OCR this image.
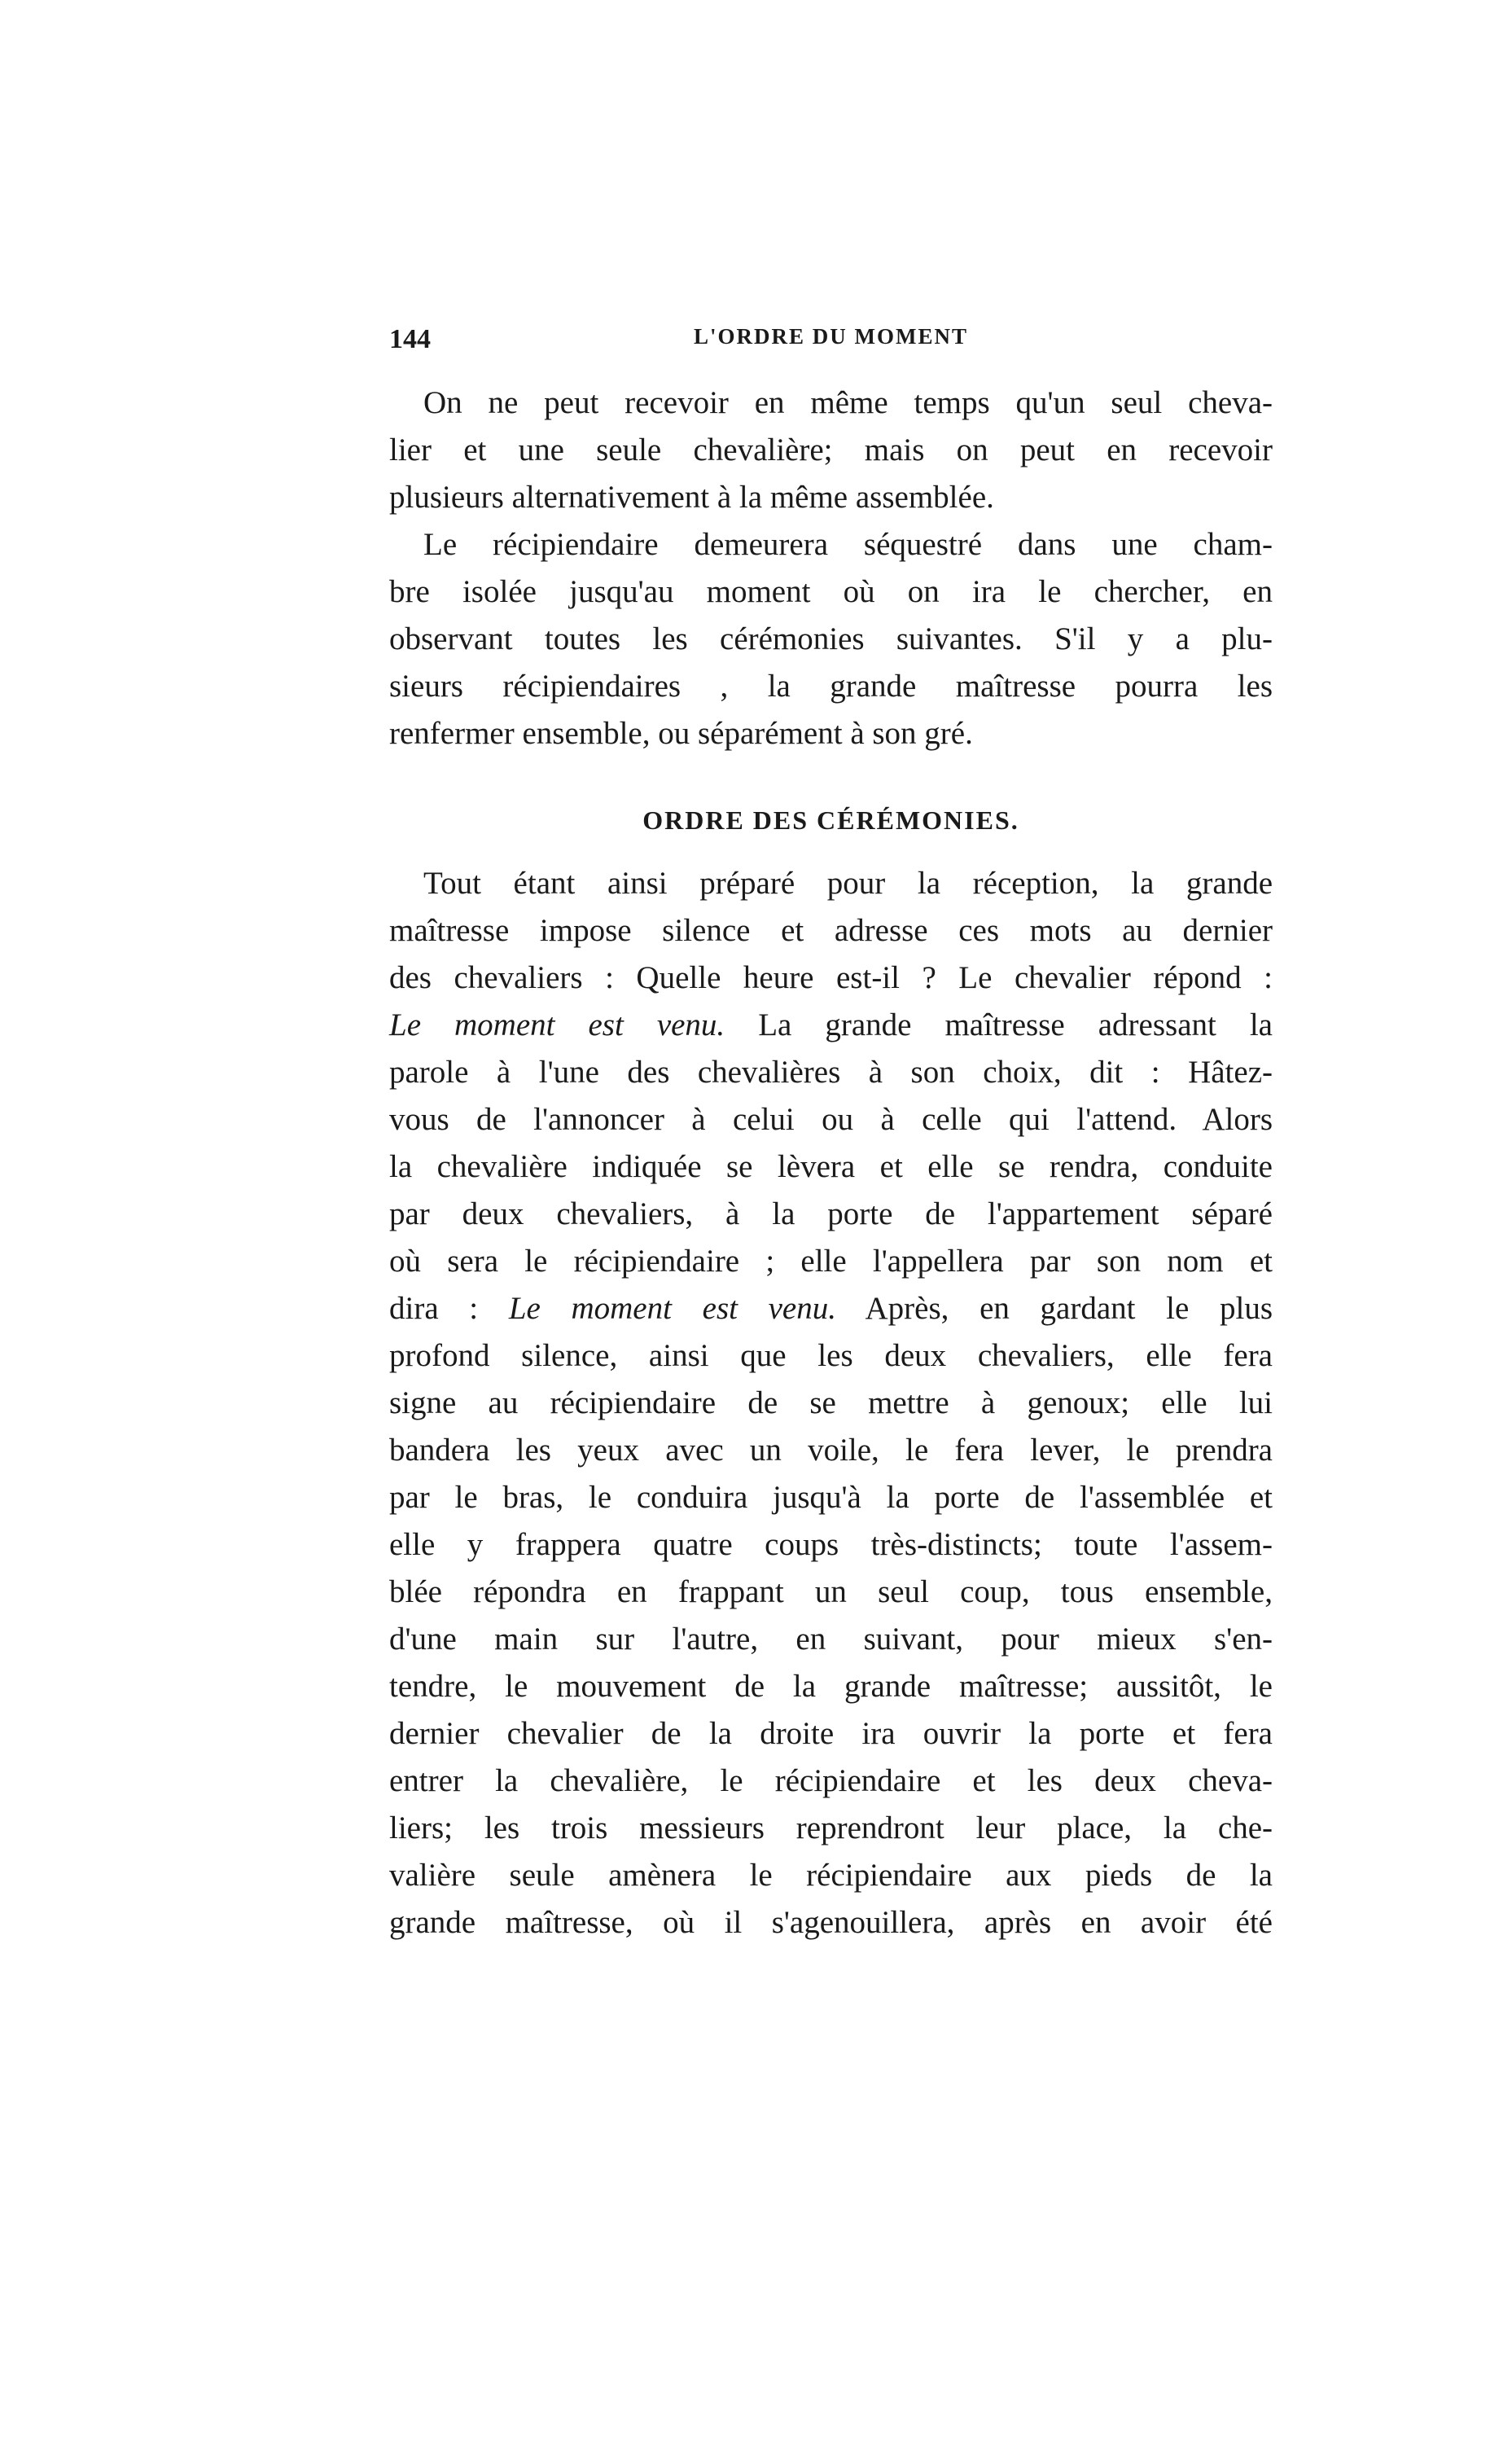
144	L'ORDRE DU MOMENT
On ne peut recevoir en même temps qu'un seul cheva-
lier et une seule chevalière; mais on peut en recevoir
plusieurs alternativement à la même assemblée.
Le récipiendaire demeurera séquestré dans une cham-
bre isolée jusqu'au moment où on ira le chercher, en
observant toutes les cérémonies suivantes. S'il y a plu-
sieurs récipiendaires , la grande maîtresse pourra les
renfermer ensemble, ou séparément à son gré.
ORDRE DES CÉRÉMONIES.
Tout étant ainsi préparé pour la réception, la grande
maîtresse impose silence et adresse ces mots au dernier
des chevaliers : Quelle heure est-il ? Le chevalier répond :
Le moment est venu. La grande maîtresse adressant la
parole à l'une des chevalières à son choix, dit : Hâtez-
vous de l'annoncer à celui ou à celle qui l'attend. Alors
la chevalière indiquée se lèvera et elle se rendra, conduite
par deux chevaliers, à la porte de l'appartement séparé
où sera le récipiendaire ; elle l'appellera par son nom et
dira : Le moment est venu. Après, en gardant le plus
profond silence, ainsi que les deux chevaliers, elle fera
signe au récipiendaire de se mettre à genoux; elle lui
bandera les yeux avec un voile, le fera lever, le prendra
par le bras, le conduira jusqu'à la porte de l'assemblée et
elle y frappera quatre coups très-distincts; toute l'assem-
blée répondra en frappant un seul coup, tous ensemble,
d'une main sur l'autre, en suivant, pour mieux s'en-
tendre, le mouvement de la grande maîtresse; aussitôt, le
dernier chevalier de la droite ira ouvrir la porte et fera
entrer la chevalière, le récipiendaire et les deux cheva-
liers; les trois messieurs reprendront leur place, la che-
valière seule amènera le récipiendaire aux pieds de la
grande maîtresse, où il s'agenouillera, après en avoir été
